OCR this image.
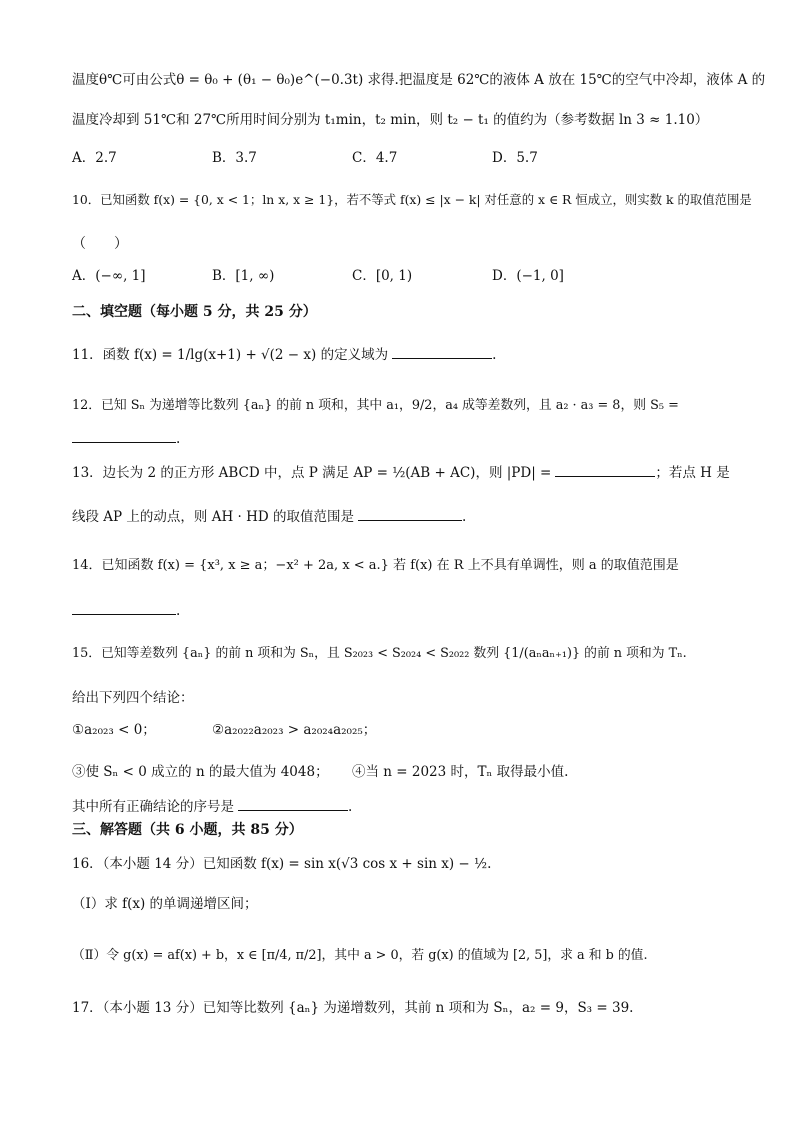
温度θ℃可由公式θ = θ₀ + (θ₁ − θ₀)e^(−0.3t) 求得.把温度是 62℃的液体 A 放在 15℃的空气中冷却，液体 A 的
温度冷却到 51℃和 27℃所用时间分别为 t₁min，t₂ min，则 t₂ − t₁ 的值约为（参考数据 ln 3 ≈ 1.10）
A．2.7	B．3.7	C．4.7	D．5.7
10．已知函数 f(x) = {0, x < 1；ln x, x ≥ 1}，若不等式 f(x) ≤ |x − k| 对任意的 x ∈ R 恒成立，则实数 k 的取值范围是
（　　）
A．(−∞, 1]	B．[1, ∞)	C．[0, 1)	D．(−1, 0]
二、填空题（每小题 5 分，共 25 分）
11．函数 f(x) = 1/lg(x+1) + √(2 − x) 的定义域为	.
12．已知 Sₙ 为递增等比数列 {aₙ} 的前 n 项和，其中 a₁，9/2，a₄ 成等差数列，且 a₂ · a₃ = 8，则 S₅ =
.
13．边长为 2 的正方形 ABCD 中，点 P 满足 AP = ½(AB + AC)，则 |PD| =	；若点 H 是
线段 AP 上的动点，则 AH · HD 的取值范围是	.
14．已知函数 f(x) = {x³, x ≥ a；−x² + 2a, x < a.} 若 f(x) 在 R 上不具有单调性，则 a 的取值范围是
.
15．已知等差数列 {aₙ} 的前 n 项和为 Sₙ，且 S₂₀₂₃ < S₂₀₂₄ < S₂₀₂₂ 数列 {1/(aₙaₙ₊₁)} 的前 n 项和为 Tₙ.
给出下列四个结论：
①a₂₀₂₃ < 0；	②a₂₀₂₂a₂₀₂₃ > a₂₀₂₄a₂₀₂₅；
③使 Sₙ < 0 成立的 n 的最大值为 4048； ④当 n = 2023 时，Tₙ 取得最小值.
其中所有正确结论的序号是	.
三、解答题（共 6 小题，共 85 分）
16．（本小题 14 分）已知函数 f(x) = sin x(√3 cos x + sin x) − ½.
（Ⅰ）求 f(x) 的单调递增区间；
（Ⅱ）令 g(x) = af(x) + b，x ∈ [π/4, π/2]，其中 a > 0，若 g(x) 的值域为 [2, 5]，求 a 和 b 的值.
17．（本小题 13 分）已知等比数列 {aₙ} 为递增数列，其前 n 项和为 Sₙ，a₂ = 9，S₃ = 39.
